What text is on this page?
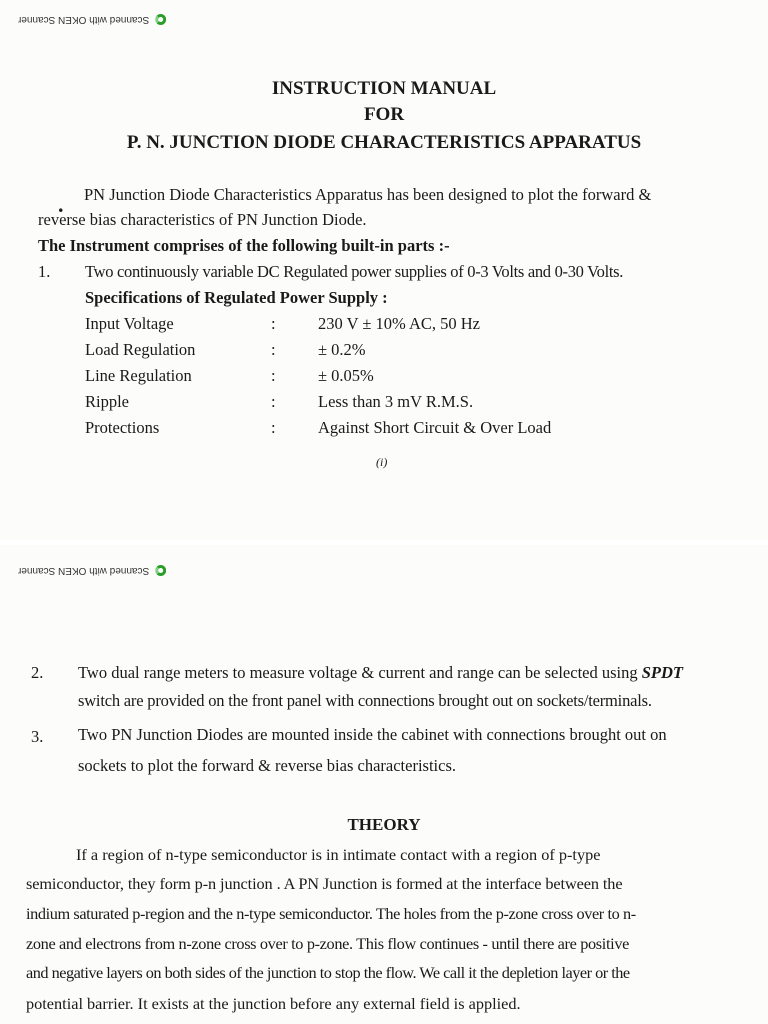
Scanned with OKEN Scanner
INSTRUCTION MANUAL
FOR
P. N. JUNCTION DIODE CHARACTERISTICS APPARATUS
. PN Junction Diode Characteristics Apparatus has been designed to plot the forward &
reverse bias characteristics of PN Junction Diode.
The Instrument comprises of the following built-in parts :-
1. Two continuously variable DC Regulated power supplies of 0-3 Volts and 0-30 Volts.
Specifications of Regulated Power Supply :
Input Voltage	:	230 V ± 10% AC, 50 Hz
Load Regulation	:	± 0.2%
Line Regulation	:	± 0.05%
Ripple	:	Less than 3 mV R.M.S.
Protections	:	Against Short Circuit & Over Load
(i)
Scanned with OKEN Scanner
2. Two dual range meters to measure voltage & current and range can be selected using SPDT
switch are provided on the front panel with connections brought out on sockets/terminals.
3. Two PN Junction Diodes are mounted inside the cabinet with connections brought out on
sockets to plot the forward & reverse bias characteristics.
THEORY
If a region of n-type semiconductor is in intimate contact with a region of p-type
semiconductor, they form p-n junction . A PN Junction is formed at the interface between the
indium saturated p-region and the n-type semiconductor. The holes from the p-zone cross over to n-
zone and electrons from n-zone cross over to p-zone. This flow continues - until there are positive
and negative layers on both sides of the junction to stop the flow. We call it the depletion layer or the
potential barrier. It exists at the junction before any external field is applied.
